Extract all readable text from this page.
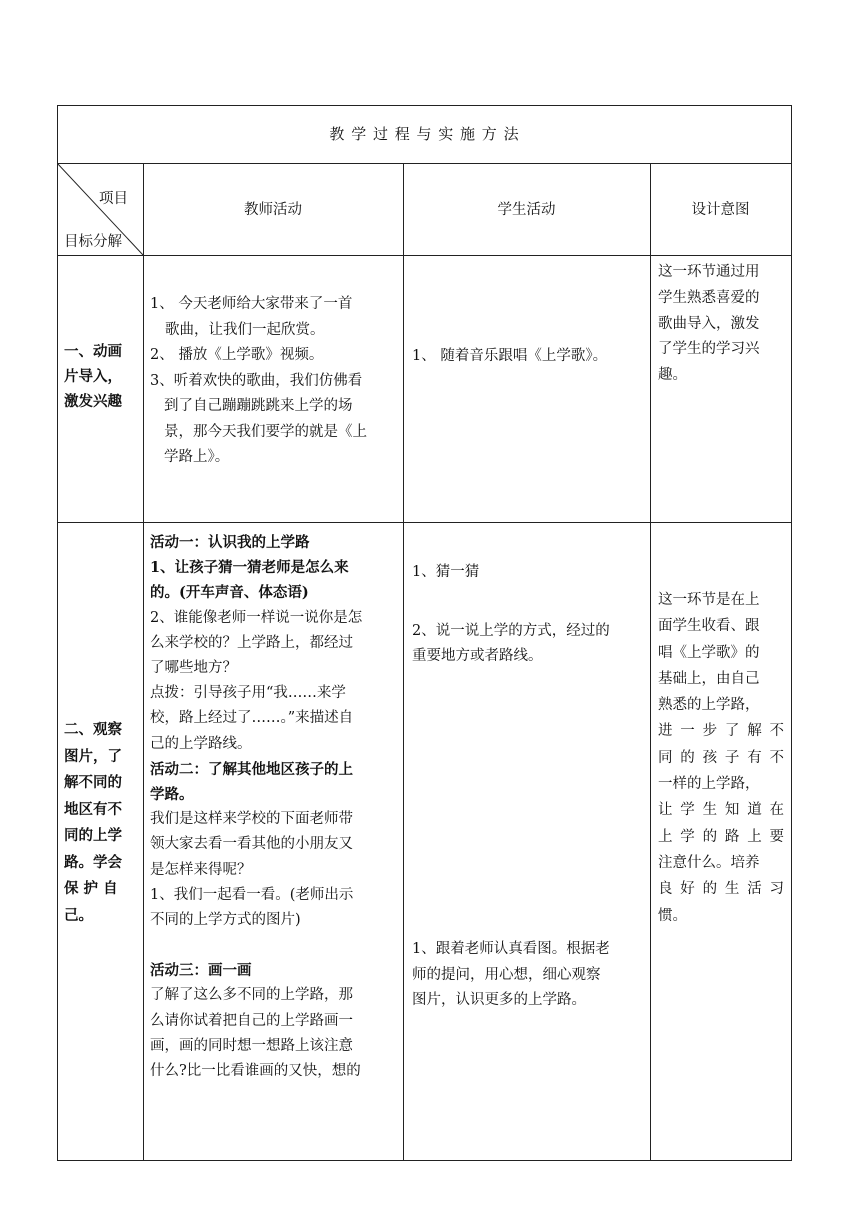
教 学 过 程 与 实 施 方 法
项目
目标分解
教师活动	学生活动	设计意图
一、动画
片导入，
激发兴趣
1、 今天老师给大家带来了一首
歌曲，让我们一起欣赏。
2、 播放《上学歌》视频。
3、听着欢快的歌曲，我们仿佛看
到了自己蹦蹦跳跳来上学的场
景，那今天我们要学的就是《上
学路上》。
1、 随着音乐跟唱《上学歌》。
这一环节通过用
学生熟悉喜爱的
歌曲导入，激发
了学生的学习兴
趣。
二、观察
图片，了
解不同的
地区有不
同的上学
路。学会
保 护 自
己。
活动一：认识我的上学路
1、让孩子猜一猜老师是怎么来
的。(开车声音、体态语)
2、谁能像老师一样说一说你是怎
么来学校的？上学路上，都经过
了哪些地方？
点拨：引导孩子用“我……来学
校，路上经过了……。”来描述自
己的上学路线。
活动二：了解其他地区孩子的上
学路。
我们是这样来学校的下面老师带
领大家去看一看其他的小朋友又
是怎样来得呢？
1、我们一起看一看。(老师出示
不同的上学方式的图片)
活动三：画一画
了解了这么多不同的上学路，那
么请你试着把自己的上学路画一
画，画的同时想一想路上该注意
什么?比一比看谁画的又快，想的
1、猜一猜
2、说一说上学的方式，经过的
重要地方或者路线。
1、跟着老师认真看图。根据老
师的提问，用心想，细心观察
图片，认识更多的上学路。
这一环节是在上
面学生收看、跟
唱《上学歌》的
基础上，由自己
熟悉的上学路，
进一步了解不
同的孩子有不
一样的上学路，
让学生知道在
上学的路上要
注意什么。培养
良好的生活习
惯。
